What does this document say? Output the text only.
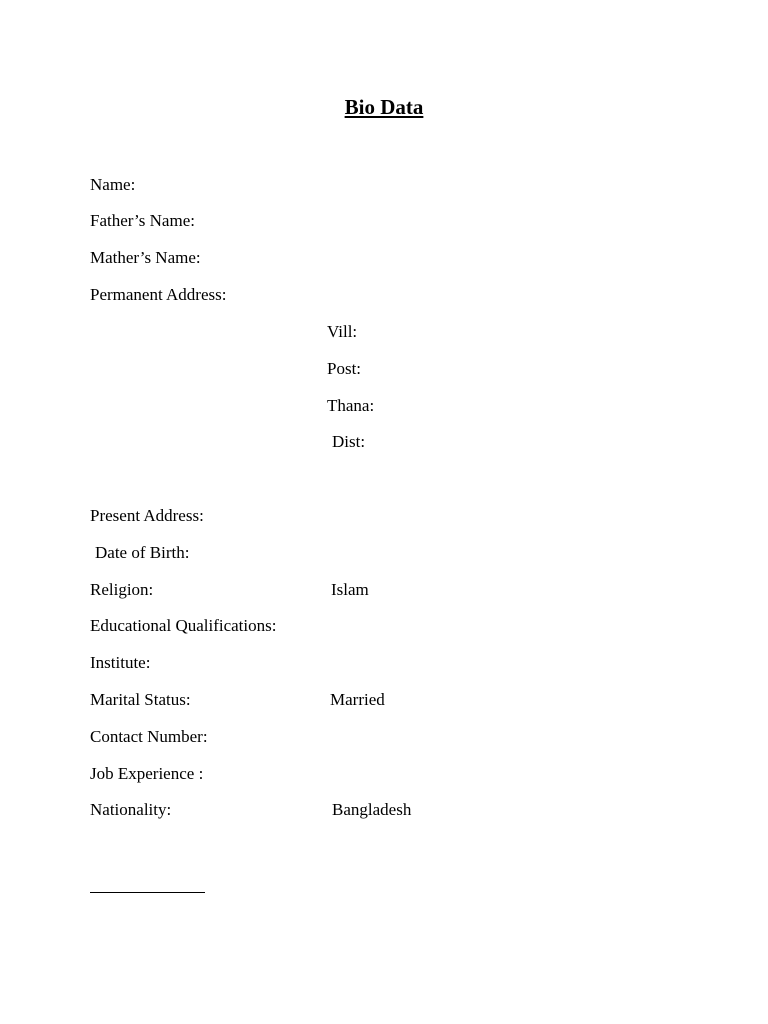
Bio Data
Name:
Father’s Name:
Mather’s Name:
Permanent Address:
Vill:
Post:
Thana:
Dist:
Present Address:
Date of Birth:
Religion:	Islam
Educational Qualifications:
Institute:
Marital Status:	Married
Contact Number:
Job Experience :
Nationality:	Bangladesh
